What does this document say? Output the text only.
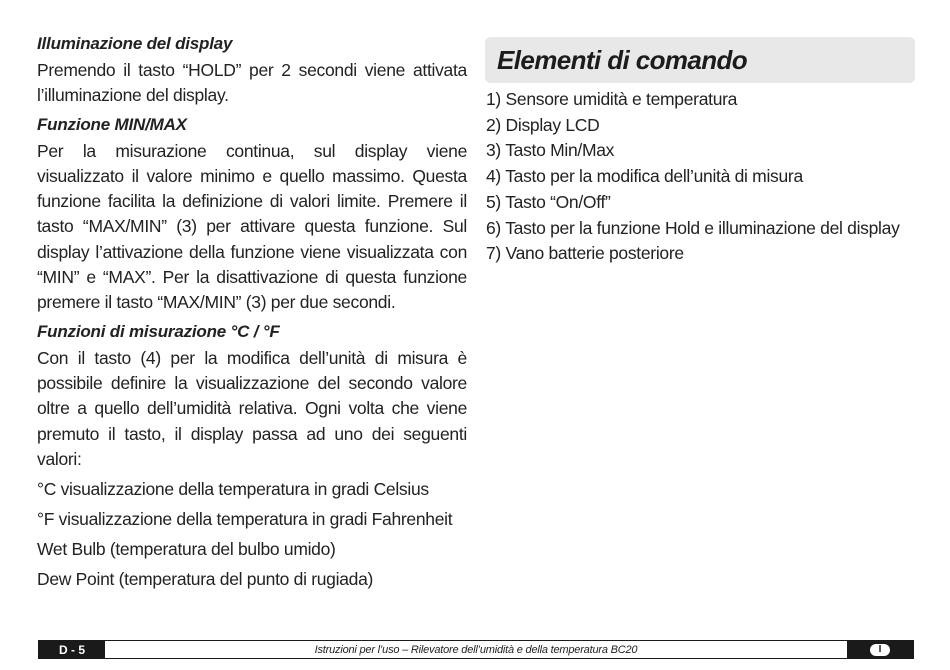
Illuminazione del display

Premendo il tasto “HOLD” per 2 secondi viene attivata l’illuminazione del display.

Funzione MIN/MAX

Per la misurazione continua, sul display viene visualizzato il valore minimo e quello massimo. Questa funzione facilita la definizione di valori limite. Premere il tasto “MAX/MIN” (3) per attivare questa funzione. Sul display l’attivazione della funzione viene visualizzata con “MIN” e “MAX”. Per la disattivazione di questa funzione premere il tasto “MAX/MIN” (3) per due secondi.

Funzioni di misurazione °C / °F

Con il tasto (4) per la modifica dell’unità di misura è possibile definire la visualizzazione del secondo valore oltre a quello dell’umidità relativa. Ogni volta che viene premuto il tasto, il display passa ad uno dei seguenti valori:

°C visualizzazione della temperatura in gradi Celsius

°F visualizzazione della temperatura in gradi Fahrenheit

Wet Bulb (temperatura del bulbo umido)

Dew Point (temperatura del punto di rugiada)

Elementi di comando
1) Sensore umidità e temperatura
2) Display LCD
3) Tasto Min/Max
4) Tasto per la modifica dell’unità di misura
5) Tasto “On/Off”
6) Tasto per la funzione Hold e illuminazione del display
7) Vano batterie posteriore
D - 5	Istruzioni per l’uso – Rilevatore dell’umidità e della temperatura BC20	I
